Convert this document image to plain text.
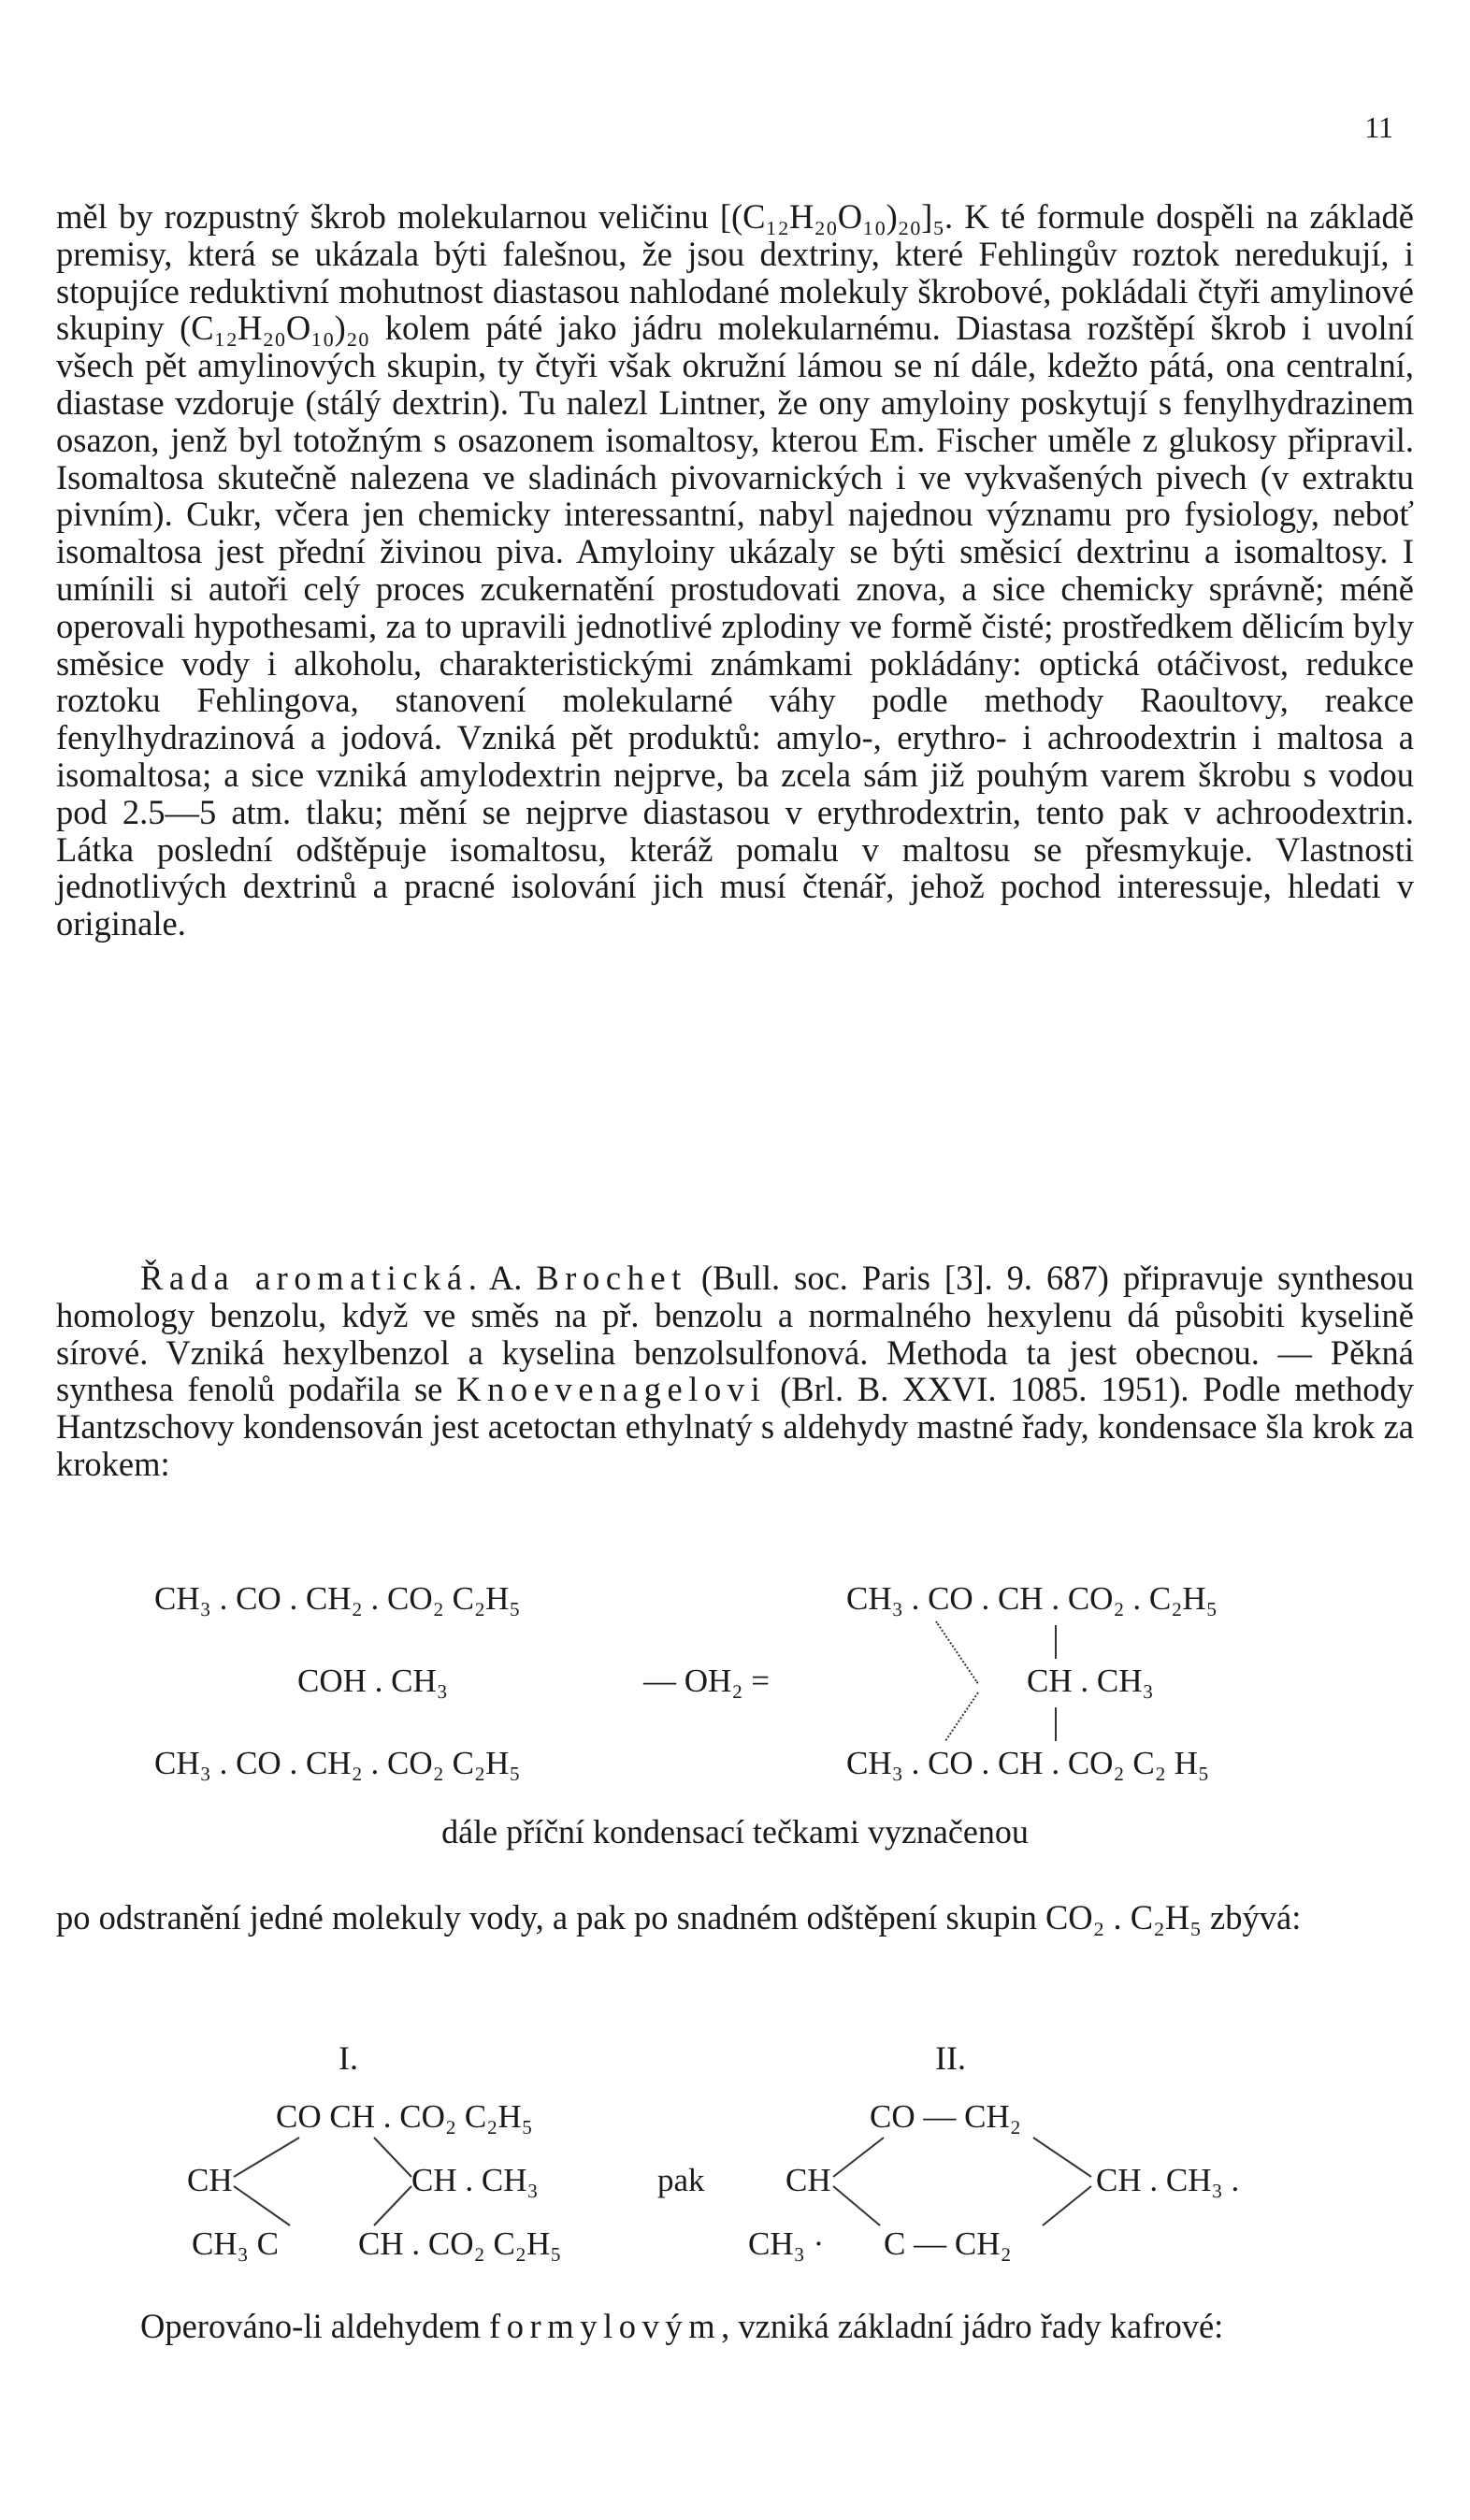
11

měl by rozpustný škrob molekularnou veličinu [(C₁₂H₂₀O₁₀)₂₀]₅. K té formule dospěli na základě premisy, která se ukázala býti falešnou, že jsou dextriny, které Fehlingův roztok neredukují, i stopujíce reduktivní mohutnost diastasou nahlodané molekuly škrobové, pokládali čtyři amylinové skupiny (C₁₂H₂₀O₁₀)₂₀ kolem páté jako jádru molekularnému. Diastasa rozštěpí škrob i uvolní všech pět amylinových skupin, ty čtyři však okružní lámou se ní dále, kdežto pátá, ona centralní, diastase vzdoruje (stálý dextrin). Tu nalezl Lintner, že ony amyloiny poskytují s fenylhydrazinem osazon, jenž byl totožným s osazonem isomaltosy, kterou Em. Fischer uměle z glukosy připravil. Isomaltosa skutečně nalezena ve sladinách pivovarnických i ve vykvašených pivech (v extraktu pivním). Cukr, včera jen chemicky interessantní, nabyl najednou významu pro fysiology, neboť isomaltosa jest přední živinou piva. Amyloiny ukázaly se býti směsicí dextrinu a isomaltosy. I umínili si autoři celý proces zcukernatění prostudovati znova, a sice chemicky správně; méně operovali hypothesami, za to upravili jednotlivé zplodiny ve formě čisté; prostředkem dělicím byly směsice vody i alkoholu, charakteristickými známkami pokládány: optická otáčivost, redukce roztoku Fehlingova, stanovení molekularné váhy podle methody Raoultovy, reakce fenylhydrazinová a jodová. Vzniká pět produktů: amylo-, erythro- i achroodextrin i maltosa a isomaltosa; a sice vzniká amylodextrin nejprve, ba zcela sám již pouhým varem škrobu s vodou pod 2.5—5 atm. tlaku; mění se nejprve diastasou v erythrodextrin, tento pak v achroodextrin. Látka poslední odštěpuje isomaltosu, kteráž pomalu v maltosu se přesmykuje. Vlastnosti jednotlivých dextrinů a pracné isolování jich musí čtenář, jehož pochod interessuje, hledati v originale.

Řada aromatická. A. Brochet (Bull. soc. Paris [3]. 9. 687) připravuje synthesou homology benzolu, když ve směs na př. benzolu a normalného hexylenu dá působiti kyselině sírové. Vzniká hexylbenzol a kyselina benzolsulfonová. Methoda ta jest obecnou. — Pěkná synthesa fenolů podařila se Knoevenagelovi (Brl. B. XXVI. 1085. 1951). Podle methody Hantzschovy kondensován jest acetoctan ethylnatý s aldehydy mastné řady, kondensace šla krok za krokem:

CH₃ . CO . CH₂ . CO₂ C₂H₅
COH . CH₃
CH₃ . CO . CH₂ . CO₂ C₂H₅
— OH₂ =
CH₃ . CO . CH . CO₂ . C₂H₅
CH . CH₃
CH₃ . CO . CH . CO₂ C₂ H₅
dále příční kondensací tečkami vyznačenou

po odstranění jedné molekuly vody, a pak po snadném odštěpení skupin CO₂ . C₂H₅ zbývá:

I.	II.
CO CH . CO₂ C₂H₅
CH	CH . CH₃
CH₃ C CH . CO₂ C₂H₅
pak
CO — CH₂
CH	CH . CH₃ .
CH₃ · C — CH₂

Operováno-li aldehydem formylovým, vzniká základní jádro řady kafrové:
